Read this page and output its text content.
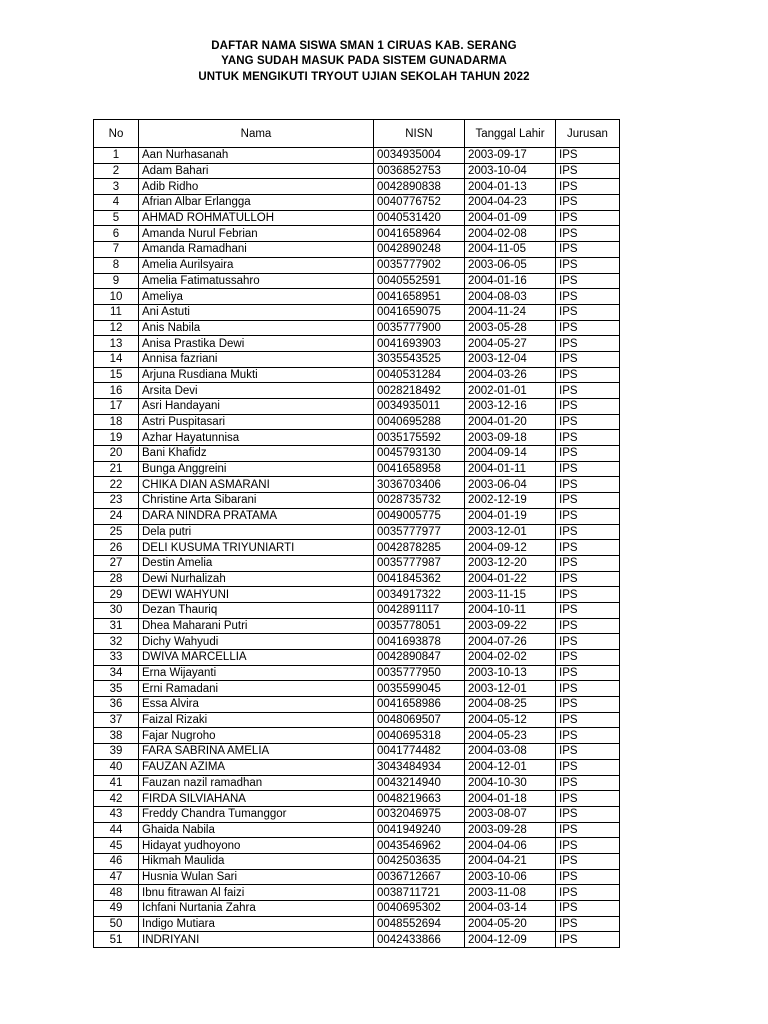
DAFTAR NAMA SISWA SMAN 1 CIRUAS KAB. SERANG
YANG SUDAH MASUK PADA SISTEM GUNADARMA
UNTUK MENGIKUTI TRYOUT UJIAN SEKOLAH TAHUN 2022
No	Nama	NISN	Tanggal Lahir	Jurusan
1	Aan Nurhasanah	0034935004	2003-09-17	IPS
2	Adam Bahari	0036852753	2003-10-04	IPS
3	Adib Ridho	0042890838	2004-01-13	IPS
4	Afrian Albar Erlangga	0040776752	2004-04-23	IPS
5	AHMAD ROHMATULLOH	0040531420	2004-01-09	IPS
6	Amanda Nurul Febrian	0041658964	2004-02-08	IPS
7	Amanda Ramadhani	0042890248	2004-11-05	IPS
8	Amelia Aurilsyaira	0035777902	2003-06-05	IPS
9	Amelia Fatimatussahro	0040552591	2004-01-16	IPS
10	Ameliya	0041658951	2004-08-03	IPS
11	Ani Astuti	0041659075	2004-11-24	IPS
12	Anis Nabila	0035777900	2003-05-28	IPS
13	Anisa Prastika Dewi	0041693903	2004-05-27	IPS
14	Annisa fazriani	3035543525	2003-12-04	IPS
15	Arjuna Rusdiana Mukti	0040531284	2004-03-26	IPS
16	Arsita Devi	0028218492	2002-01-01	IPS
17	Asri Handayani	0034935011	2003-12-16	IPS
18	Astri Puspitasari	0040695288	2004-01-20	IPS
19	Azhar Hayatunnisa	0035175592	2003-09-18	IPS
20	Bani Khafidz	0045793130	2004-09-14	IPS
21	Bunga Anggreini	0041658958	2004-01-11	IPS
22	CHIKA DIAN ASMARANI	3036703406	2003-06-04	IPS
23	Christine Arta Sibarani	0028735732	2002-12-19	IPS
24	DARA NINDRA PRATAMA	0049005775	2004-01-19	IPS
25	Dela putri	0035777977	2003-12-01	IPS
26	DELI KUSUMA TRIYUNIARTI	0042878285	2004-09-12	IPS
27	Destin Amelia	0035777987	2003-12-20	IPS
28	Dewi Nurhalizah	0041845362	2004-01-22	IPS
29	DEWI WAHYUNI	0034917322	2003-11-15	IPS
30	Dezan Thauriq	0042891117	2004-10-11	IPS
31	Dhea Maharani Putri	0035778051	2003-09-22	IPS
32	Dichy Wahyudi	0041693878	2004-07-26	IPS
33	DWIVA MARCELLIA	0042890847	2004-02-02	IPS
34	Erna Wijayanti	0035777950	2003-10-13	IPS
35	Erni Ramadani	0035599045	2003-12-01	IPS
36	Essa Alvira	0041658986	2004-08-25	IPS
37	Faizal Rizaki	0048069507	2004-05-12	IPS
38	Fajar Nugroho	0040695318	2004-05-23	IPS
39	FARA SABRINA AMELIA	0041774482	2004-03-08	IPS
40	FAUZAN AZIMA	3043484934	2004-12-01	IPS
41	Fauzan nazil ramadhan	0043214940	2004-10-30	IPS
42	FIRDA SILVIAHANA	0048219663	2004-01-18	IPS
43	Freddy Chandra Tumanggor	0032046975	2003-08-07	IPS
44	Ghaida Nabila	0041949240	2003-09-28	IPS
45	Hidayat yudhoyono	0043546962	2004-04-06	IPS
46	Hikmah Maulida	0042503635	2004-04-21	IPS
47	Husnia Wulan Sari	0036712667	2003-10-06	IPS
48	Ibnu fitrawan Al faizi	0038711721	2003-11-08	IPS
49	Ichfani Nurtania Zahra	0040695302	2004-03-14	IPS
50	Indigo Mutiara	0048552694	2004-05-20	IPS
51	INDRIYANI	0042433866	2004-12-09	IPS
